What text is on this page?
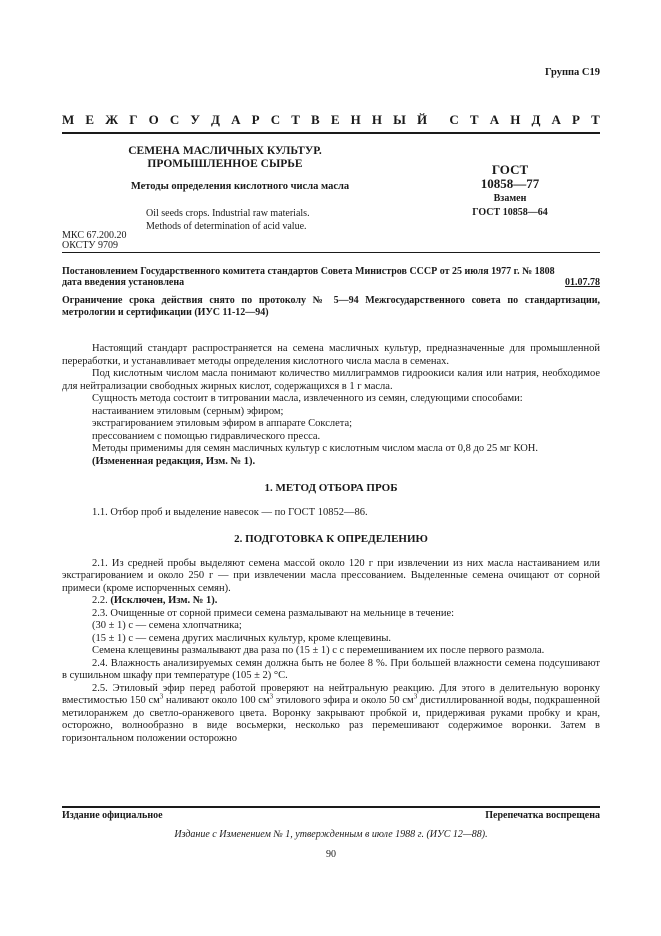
Группа С19
М Е Ж Г О С У Д А Р С Т В Е Н Н Ы Й С Т А Н Д А Р Т
СЕМЕНА МАСЛИЧНЫХ КУЛЬТУР.
ПРОМЫШЛЕННОЕ СЫРЬЕ
Методы определения кислотного числа масла
ГОСТ
10858—77
Взамен
ГОСТ 10858—64
Oil seeds crops. Industrial raw materials.
Methods of determination of acid value.
МКС 67.200.20
ОКСТУ 9709
Постановлением Государственного комитета стандартов Совета Министров СССР от 25 июля 1977 г. № 1808
дата введения установлена	01.07.78
Ограничение срока действия снято по протоколу № 5—94 Межгосударственного совета по стандартизации, метрологии и сертификации (ИУС 11-12—94)

Настоящий стандарт распространяется на семена масличных культур, предназначенные для промышленной переработки, и устанавливает методы определения кислотного числа масла в семенах.

Под кислотным числом масла понимают количество миллиграммов гидроокиси калия или натрия, необходимое для нейтрализации свободных жирных кислот, содержащихся в 1 г масла.

Сущность метода состоит в титровании масла, извлеченного из семян, следующими способами:

настаиванием этиловым (серным) эфиром;

экстрагированием этиловым эфиром в аппарате Сокслета;

прессованием с помощью гидравлического пресса.

Методы применимы для семян масличных культур с кислотным числом масла от 0,8 до 25 мг КОН.

(Измененная редакция, Изм. № 1).

1. МЕТОД ОТБОРА ПРОБ

1.1. Отбор проб и выделение навесок — по ГОСТ 10852—86.

2. ПОДГОТОВКА К ОПРЕДЕЛЕНИЮ

2.1. Из средней пробы выделяют семена массой около 120 г при извлечении из них масла настаиванием или экстрагированием и около 250 г — при извлечении масла прессованием. Выделенные семена очищают от сорной примеси (кроме испорченных семян).

2.2. (Исключен, Изм. № 1).

2.3. Очищенные от сорной примеси семена размалывают на мельнице в течение:

(30 ± 1) с — семена хлопчатника;

(15 ± 1) с — семена других масличных культур, кроме клещевины.

Семена клещевины размалывают два раза по (15 ± 1) с с перемешиванием их после первого размола.

2.4. Влажность анализируемых семян должна быть не более 8 %. При большей влажности семена подсушивают в сушильном шкафу при температуре (105 ± 2) °С.

2.5. Этиловый эфир перед работой проверяют на нейтральную реакцию. Для этого в делительную воронку вместимостью 150 $см^3$ наливают около 100 $см^3$ этилового эфира и около 50 $см^3$ дистиллированной воды, подкрашенной метилоранжем до светло-оранжевого цвета. Воронку закрывают пробкой и, придерживая руками пробку и кран, осторожно, волнообразно в виде восьмерки, несколько раз перемешивают содержимое воронки. Затем в горизонтальном положении осторожно

Издание официальное	Перепечатка воспрещена
Издание с Изменением № 1, утвержденным в июле 1988 г. (ИУС 12—88).
90
